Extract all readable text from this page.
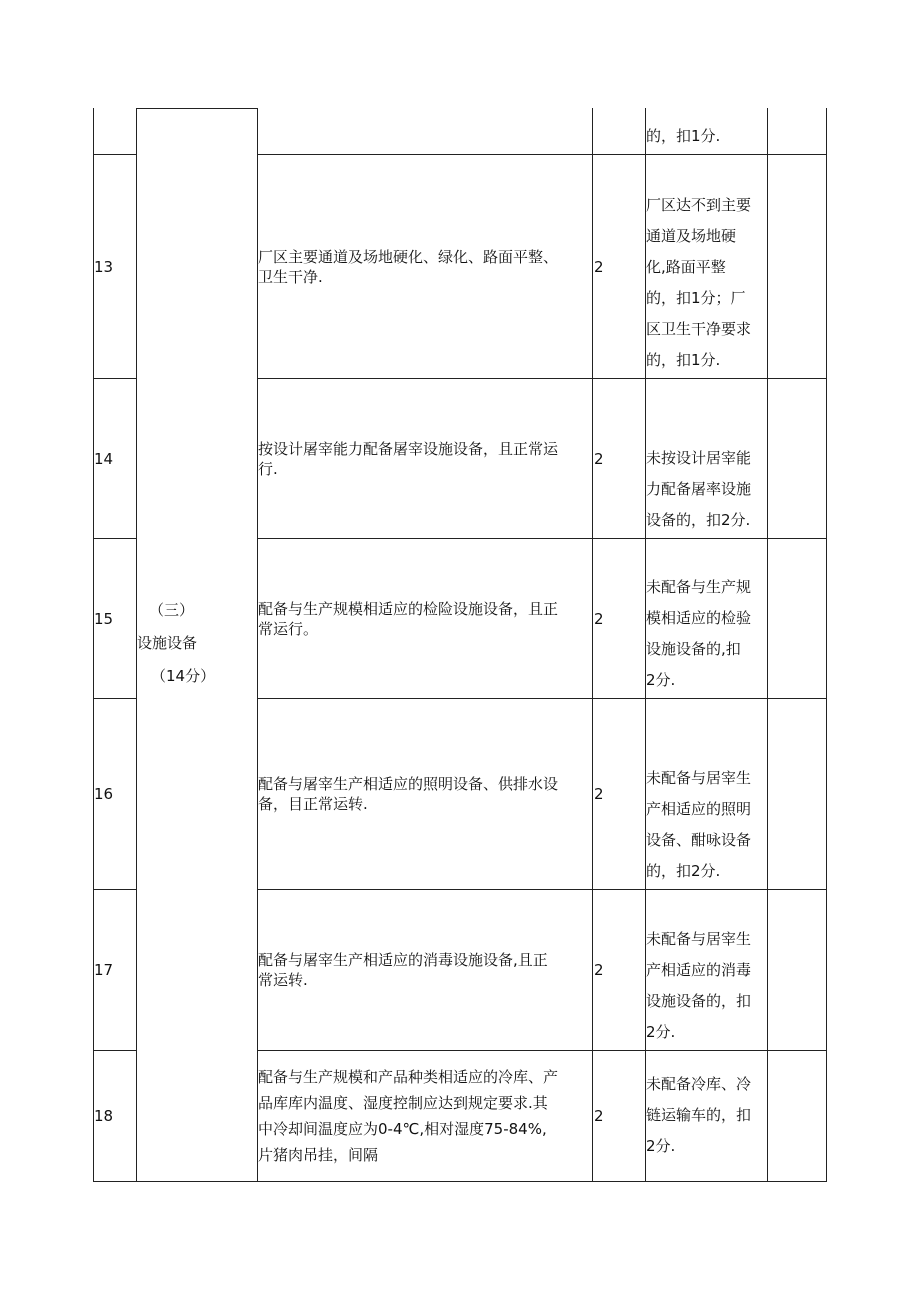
（三）
设施设备
（14分）
的，扣1分.
13
厂区主要通道及场地硬化、绿化、路面平整、
卫生干净.
2
厂区达不到主要
通道及场地硬
化,路面平整
的，扣1分；厂
区卫生干净要求
的，扣1分.
14
按设计屠宰能力配备屠宰设施设备，且正常运
行.
2	未按设计居宰能
力配备屠率设施
设备的，扣2分.
15
配备与生产规模相适应的检险设施设备，且正
常运行。
2
未配备与生产规
模相适应的检验
设施设备的,扣
2分.
16
配备与屠宰生产相适应的照明设备、供排水设
备，目正常运转.
2
未配备与居宰生
产相适应的照明
设备、酣咏设备
的，扣2分.
17
配备与屠宰生产相适应的消毒设施设备,且正
常运转.
2
未配备与居宰生
产相适应的消毒
设施设备的，扣
2分.
18
配备与生产规模和产品种类相适应的冷库、产
品库库内温度、湿度控制应达到规定要求.其
中冷却间温度应为0-4℃,相对湿度75-84%,
片猪肉吊挂，间隔
2
未配备冷库、冷
链运输车的，扣
2分.
